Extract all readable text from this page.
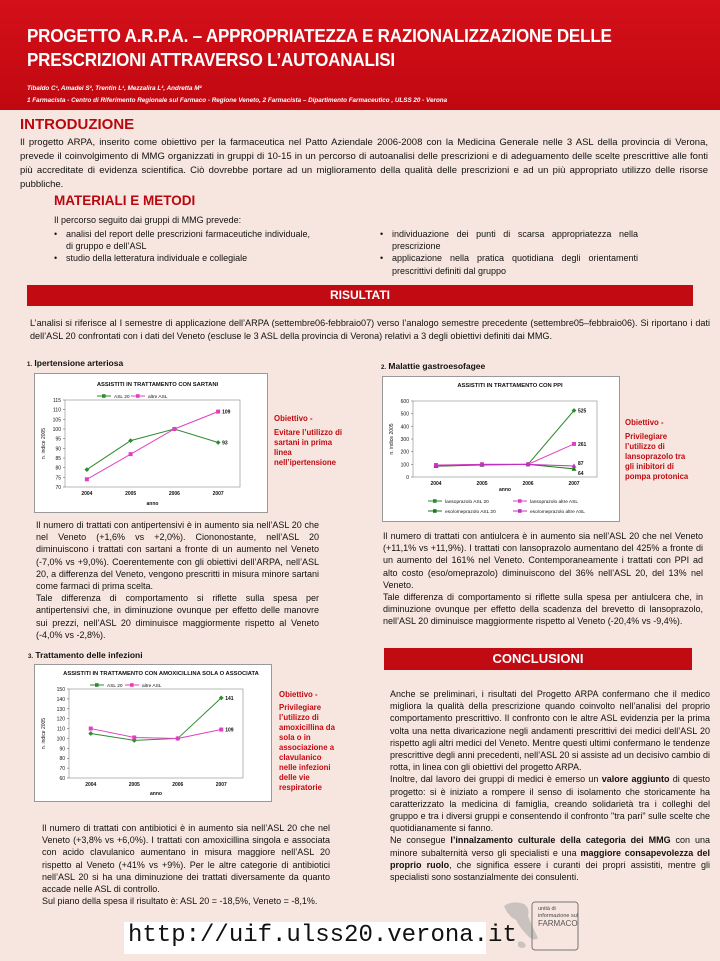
PROGETTO A.R.P.A. – APPROPRIATEZZA E RAZIONALIZZAZIONE DELLE PRESCRIZIONI ATTRAVERSO L’AUTOANALISI
Tibaldo C¹, Amadei S², Trentin L¹, Mezzalira L², Andretta M²
1 Farmacista - Centro di Riferimento Regionale sul Farmaco - Regione Veneto, 2 Farmacista – Dipartimento Farmaceutico , ULSS 20 - Verona
INTRODUZIONE
Il progetto ARPA, inserito come obiettivo per la farmaceutica nel Patto Aziendale 2006-2008 con la Medicina Generale nelle 3 ASL della provincia di Verona, prevede il coinvolgimento di MMG organizzati in gruppi di 10-15 in un percorso di autoanalisi delle prescrizioni e di adeguamento delle scelte prescrittive alle fonti più accreditate di evidenza scientifica. Ciò dovrebbe portare ad un miglioramento della qualità delle prescrizioni e ad un più appropriato utilizzo delle risorse pubbliche.
MATERIALI E METODI
Il percorso seguito dai gruppi di MMG prevede:
• analisi del report delle prescrizioni farmaceutiche individuale, di gruppo e dell’ASL
• studio della letteratura individuale e collegiale
• individuazione dei punti di scarsa appropriatezza nella prescrizione
• applicazione nella pratica quotidiana degli orientamenti prescrittivi definiti dal gruppo
RISULTATI
L’analisi si riferisce al I semestre di applicazione dell’ARPA (settembre06-febbraio07) verso l’analogo semestre precedente (settembre05–febbraio06). Si riportano i dati dell’ASL 20 confrontati con i dati del Veneto (escluse le 3 ASL della provincia di Verona) relativi a 3 degli obiettivi definiti dai MMG.
1. Ipertensione arteriosa
ASSISTITI IN TRATTAMENTO CON SARTANI
70
75
80
85
90
95
100
105
110
115
2004	2005	2006	2007
anno
n. indice 2005	93
109
ASL 20	altre ASL
Obiettivo -
Evitare l’utilizzo di sartani in prima linea nell’ipertensione
Il numero di trattati con antipertensivi è in aumento sia nell’ASL 20 che nel Veneto (+1,6% vs +2,0%). Ciononostante, nell’ASL 20 diminuiscono i trattati con sartani a fronte di un aumento nel Veneto (-7,0% vs +9,0%). Coerentemente con gli obiettivi dell’ARPA, nell’ASL 20, a differenza del Veneto, vengono prescritti in misura minore sartani come farmaci di prima scelta.
Tale differenza di comportamento si riflette sulla spesa per antipertensivi che, in diminuzione ovunque per effetto delle manovre sui prezzi, nell’ASL 20 diminuisce maggiormente rispetto al Veneto (-4,0% vs -2,8%).
2. Malattie gastroesofagee
ASSISTITI IN TRATTAMENTO CON PPI
0
100
200
300
400
500
600
2004	2005	2006	2007
anno
n. indice 2005
525
261
64
87
lansoprazolo ASL 20	lansoprazolo altre ASL
eso/omeprazolo ASL 20	eso/omeprazolo altre ASL
Obiettivo -
Privilegiare l’utilizzo di lansoprazolo tra gli inibitori di pompa protonica
Il numero di trattati con antiulcera è in aumento sia nell’ASL 20 che nel Veneto (+11,1% vs +11,9%). I trattati con lansoprazolo aumentano del 425% a fronte di un aumento del 161% nel Veneto. Contemporaneamente i trattati con PPI ad alto costo (eso/omeprazolo) diminuiscono del 36% nell’ASL 20, del 13% nel Veneto.
Tale differenza di comportamento si riflette sulla spesa per antiulcera che, in diminuzione ovunque per effetto della scadenza del brevetto di lansoprazolo, nell’ASL 20 diminuisce maggiormente rispetto al Veneto (-20,4% vs -9,4%).
3. Trattamento delle infezioni
ASSISTITI IN TRATTAMENTO CON AMOXICILLINA SOLA O ASSOCIATA
60
70
80
90
100
110
120
130
140
150
2004	2005	2006	2007
anno
n. indice 2005
141
109
ASL 20	altre ASL
Obiettivo -
Privilegiare l’utilizzo di amoxicillina da sola o in associazione a clavulanico nelle infezioni delle vie respiratorie
Il numero di trattati con antibiotici è in aumento sia nell’ASL 20 che nel Veneto (+3,8% vs +6,0%). I trattati con amoxicillina singola e associata con acido clavulanico aumentano in misura maggiore nell’ASL 20 rispetto al Veneto (+41% vs +9%). Per le altre categorie di antibiotici nell’ASL 20 si ha una diminuzione dei trattati diversamente da quanto accade nelle ASL di controllo.
Sul piano della spesa il risultato è: ASL 20 = -18,5%, Veneto = -8,1%.
CONCLUSIONI
Anche se preliminari, i risultati del Progetto ARPA confermano che il medico migliora la qualità della prescrizione quando coinvolto nell’analisi del proprio comportamento prescrittivo. Il confronto con le altre ASL evidenzia per la prima volta una netta divaricazione negli andamenti prescrittivi dei medici dell’ASL 20 rispetto agli altri medici del Veneto. Mentre questi ultimi confermano le tendenze prescrittive degli anni precedenti, nell’ASL 20 si assiste ad un decisivo cambio di rotta, in linea con gli obiettivi del progetto ARPA.
Inoltre, dal lavoro dei gruppi di medici è emerso un valore aggiunto di questo progetto: si è iniziato a rompere il senso di isolamento che storicamente ha caratterizzato la medicina di famiglia, creando solidarietà tra i colleghi del gruppo e tra i diversi gruppi e consentendo il confronto "tra pari" sulle scelte che quotidianamente si fanno.
Ne consegue l’innalzamento culturale della categoria dei MMG con una minore subalternità verso gli specialisti e una maggiore consapevolezza del proprio ruolo, che significa essere i curanti dei propri assistiti, mentre gli specialisti sono sostanzialmente dei consulenti.
http://uif.ulss20.verona.it
unità di
informazione sul
FARMACO
